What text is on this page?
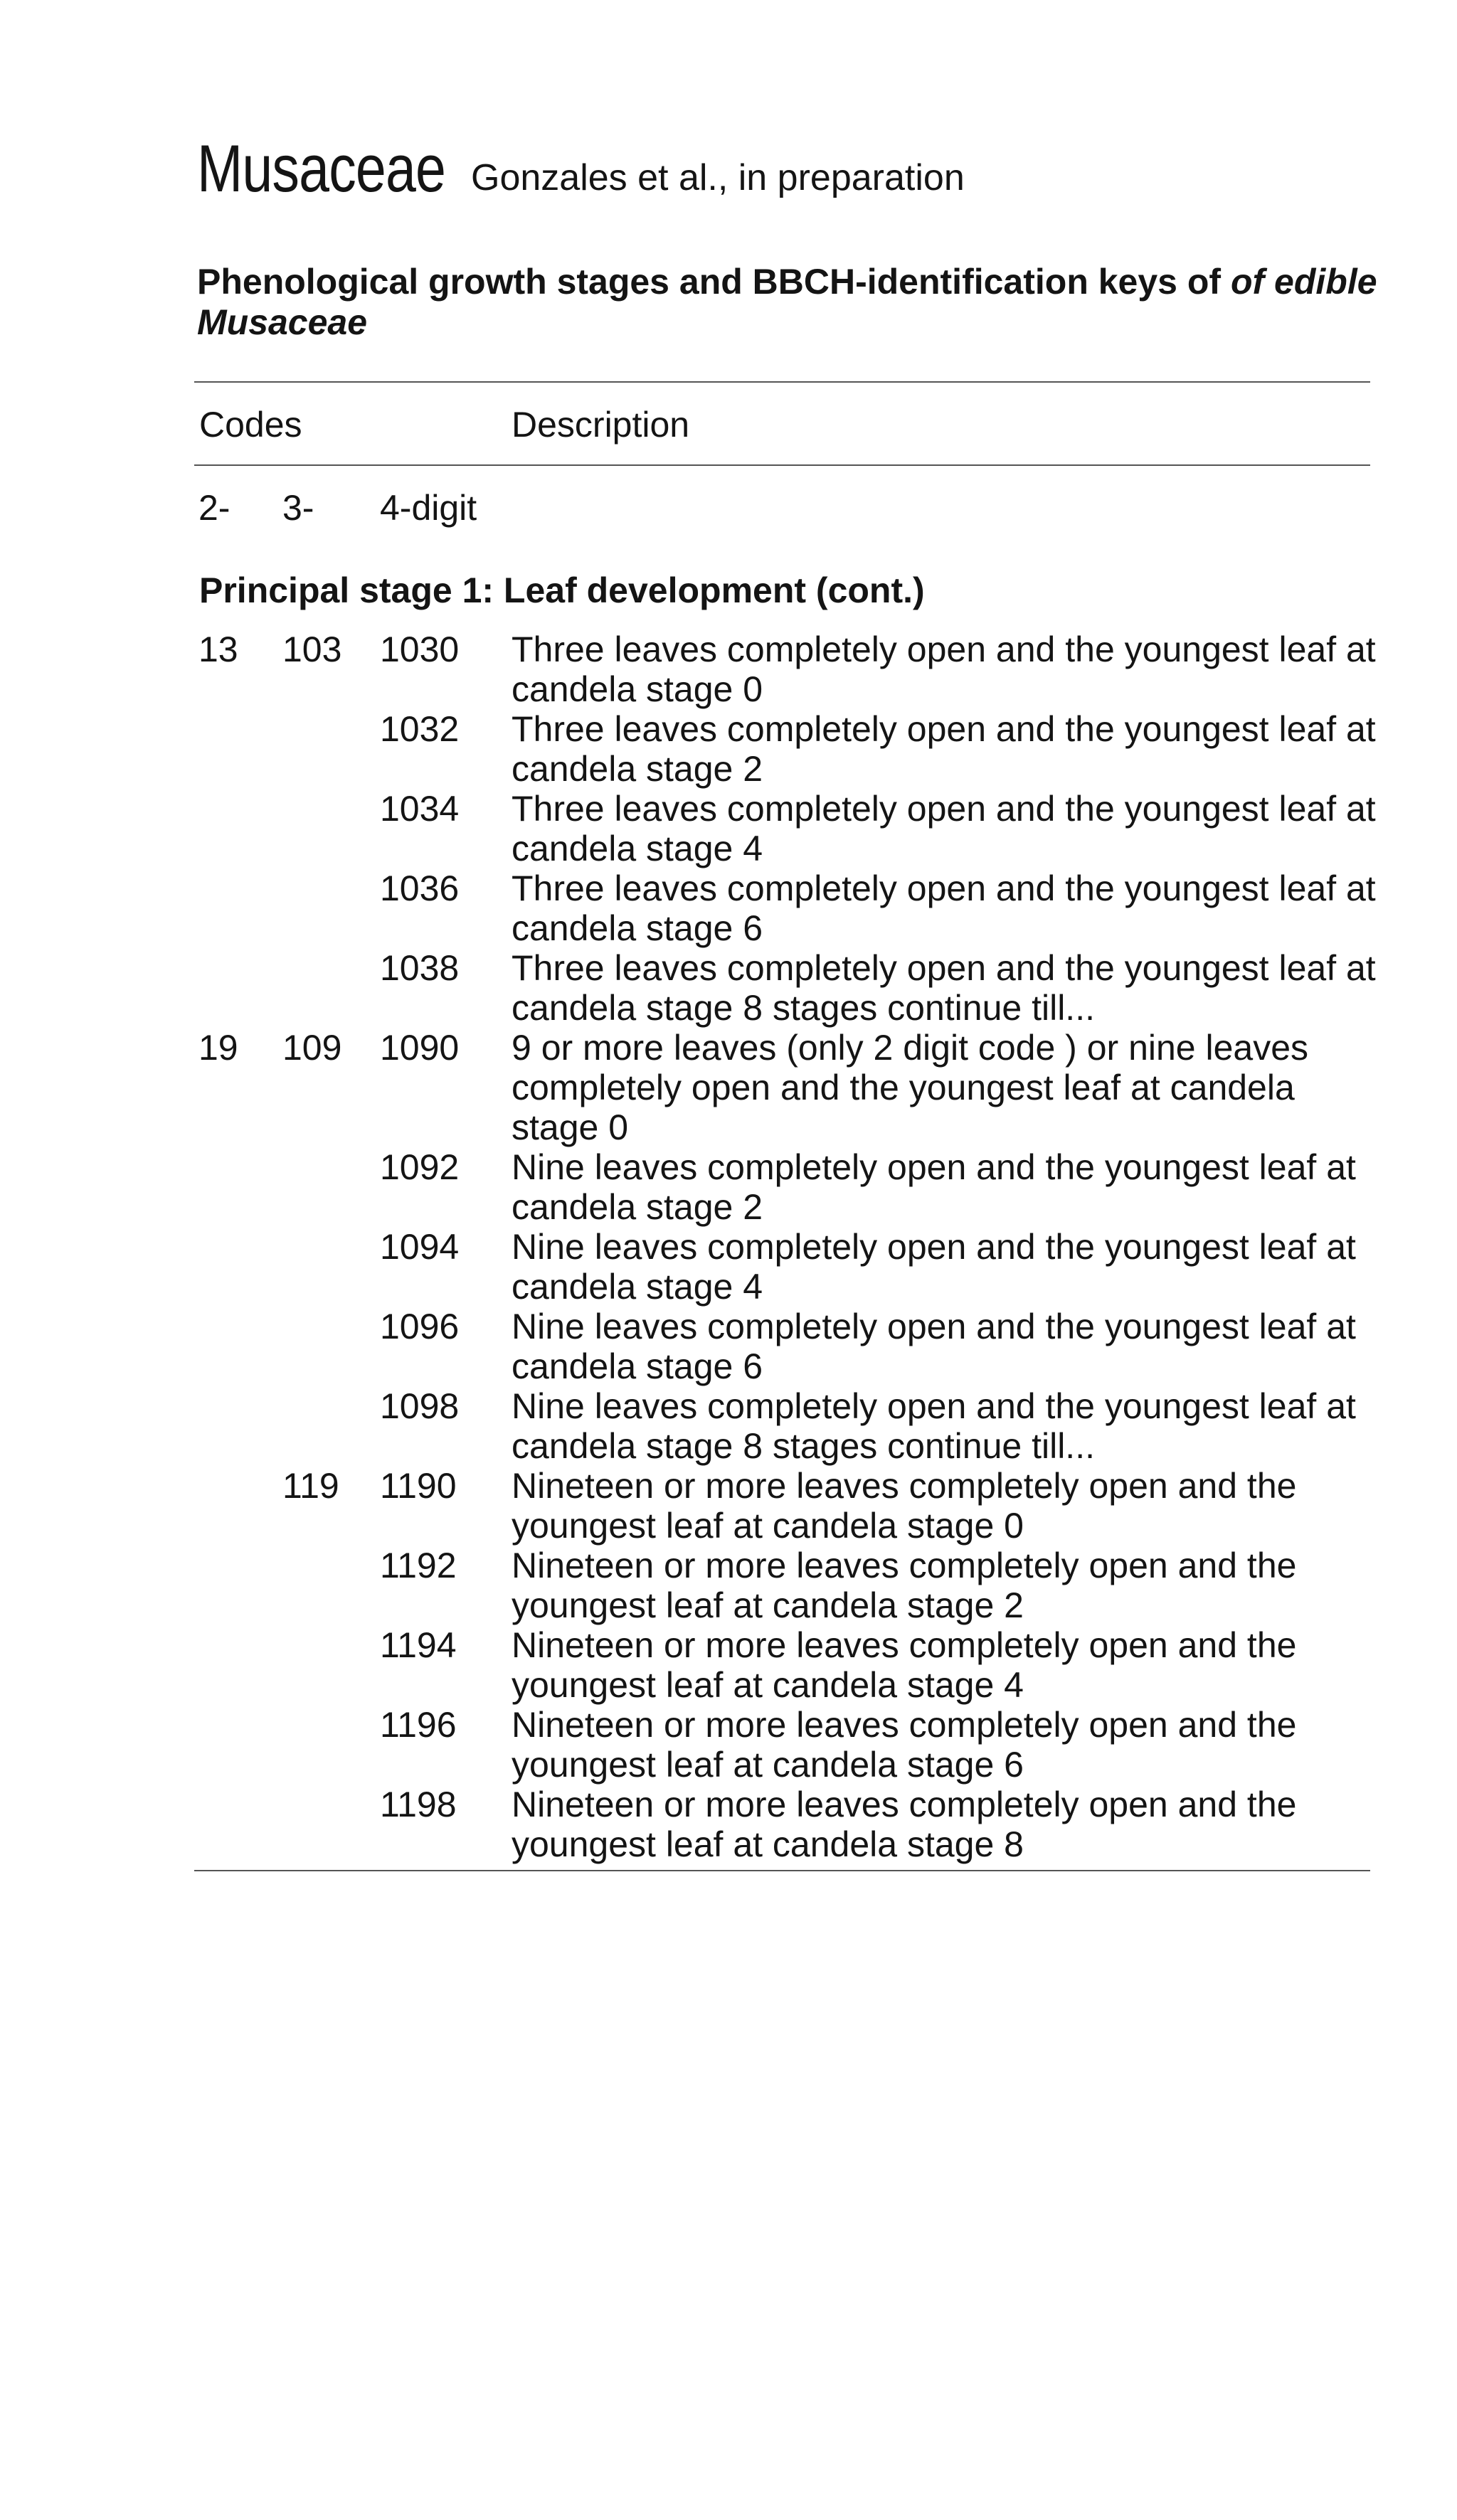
Musaceae Gonzales et al., in preparation
Phenological growth stages and BBCH-identification keys of of edible Musaceae
Codes	Description
2- 3- 4-digit
Principal stage 1: Leaf development (cont.)
13 103 1030 Three leaves completely open and the youngest leaf at candela stage 0
1032 Three leaves completely open and the youngest leaf at candela stage 2
1034 Three leaves completely open and the youngest leaf at candela stage 4
1036 Three leaves completely open and the youngest leaf at candela stage 6
1038 Three leaves completely open and the youngest leaf at candela stage 8 stages continue till...
19 109 1090 9 or more leaves (only 2 digit code ) or nine leaves completely open and the youngest leaf at candela stage 0
1092 Nine leaves completely open and the youngest leaf at candela stage 2
1094 Nine leaves completely open and the youngest leaf at candela stage 4
1096 Nine leaves completely open and the youngest leaf at candela stage 6
1098 Nine leaves completely open and the youngest leaf at candela stage 8 stages continue till...
119 1190 Nineteen or more leaves completely open and the youngest leaf at candela stage 0
1192 Nineteen or more leaves completely open and the youngest leaf at candela stage 2
1194 Nineteen or more leaves completely open and the youngest leaf at candela stage 4
1196 Nineteen or more leaves completely open and the youngest leaf at candela stage 6
1198 Nineteen or more leaves completely open and the youngest leaf at candela stage 8
